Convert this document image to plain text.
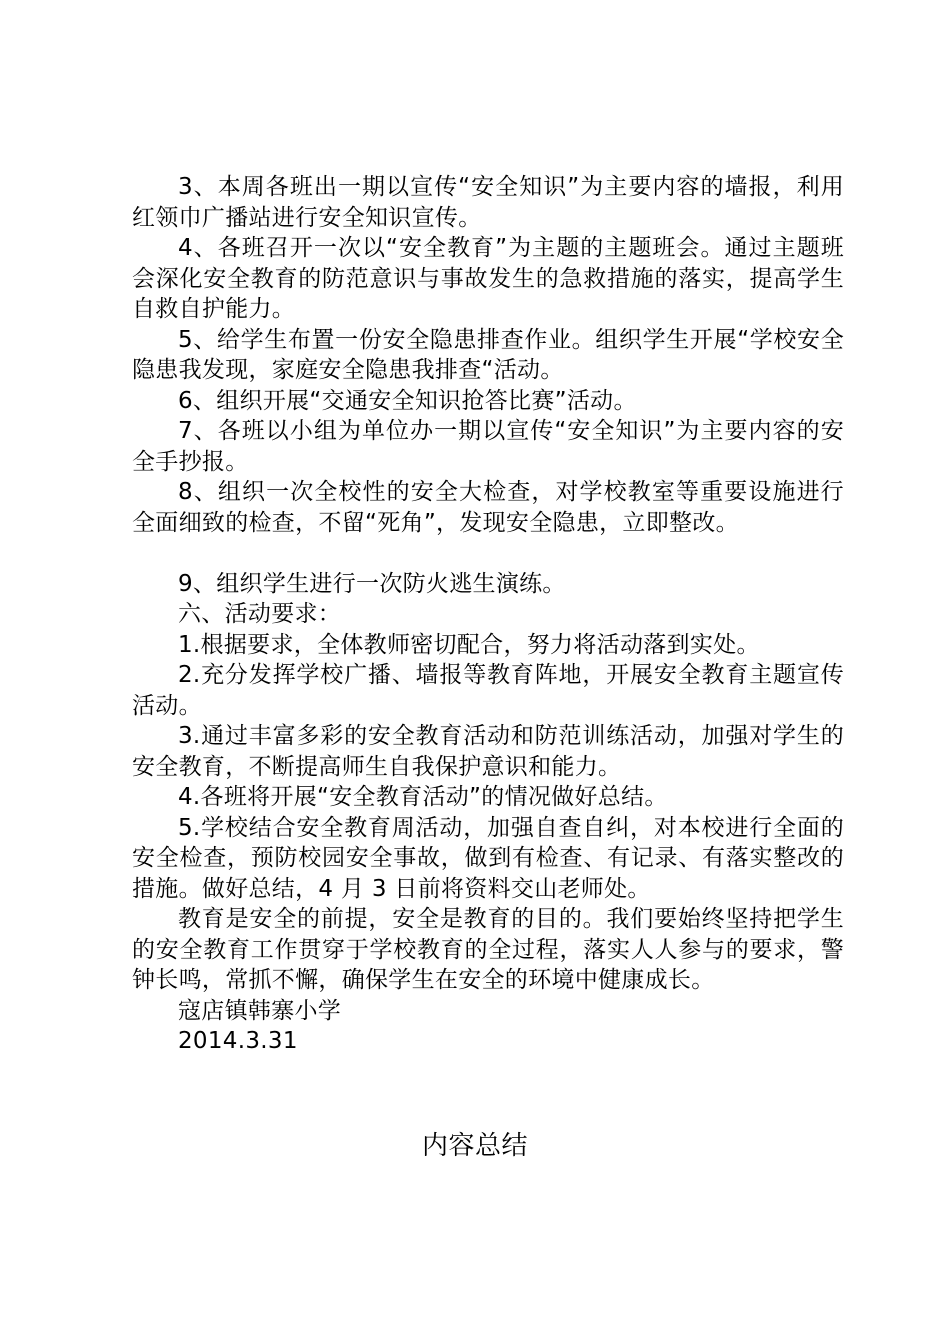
3、本周各班出一期以宣传“安全知识”为主要内容的墙报，利用红领巾广播站进行安全知识宣传。

4、各班召开一次以“安全教育”为主题的主题班会。通过主题班会深化安全教育的防范意识与事故发生的急救措施的落实，提高学生自救自护能力。

5、给学生布置一份安全隐患排查作业。组织学生开展“学校安全隐患我发现，家庭安全隐患我排查“活动。

6、组织开展“交通安全知识抢答比赛”活动。

7、各班以小组为单位办一期以宣传“安全知识”为主要内容的安全手抄报。

8、组织一次全校性的安全大检查，对学校教室等重要设施进行全面细致的检查，不留“死角”，发现安全隐患，立即整改。

9、组织学生进行一次防火逃生演练。

六、活动要求：

1.根据要求，全体教师密切配合，努力将活动落到实处。

2.充分发挥学校广播、墙报等教育阵地，开展安全教育主题宣传活动。

3.通过丰富多彩的安全教育活动和防范训练活动，加强对学生的安全教育，不断提高师生自我保护意识和能力。

4.各班将开展“安全教育活动”的情况做好总结。

5.学校结合安全教育周活动，加强自查自纠，对本校进行全面的安全检查，预防校园安全事故，做到有检查、有记录、有落实整改的措施。做好总结，4 月 3 日前将资料交山老师处。

教育是安全的前提，安全是教育的目的。我们要始终坚持把学生的安全教育工作贯穿于学校教育的全过程，落实人人参与的要求，警钟长鸣，常抓不懈，确保学生在安全的环境中健康成长。

寇店镇韩寨小学
2014.3.31
内容总结
